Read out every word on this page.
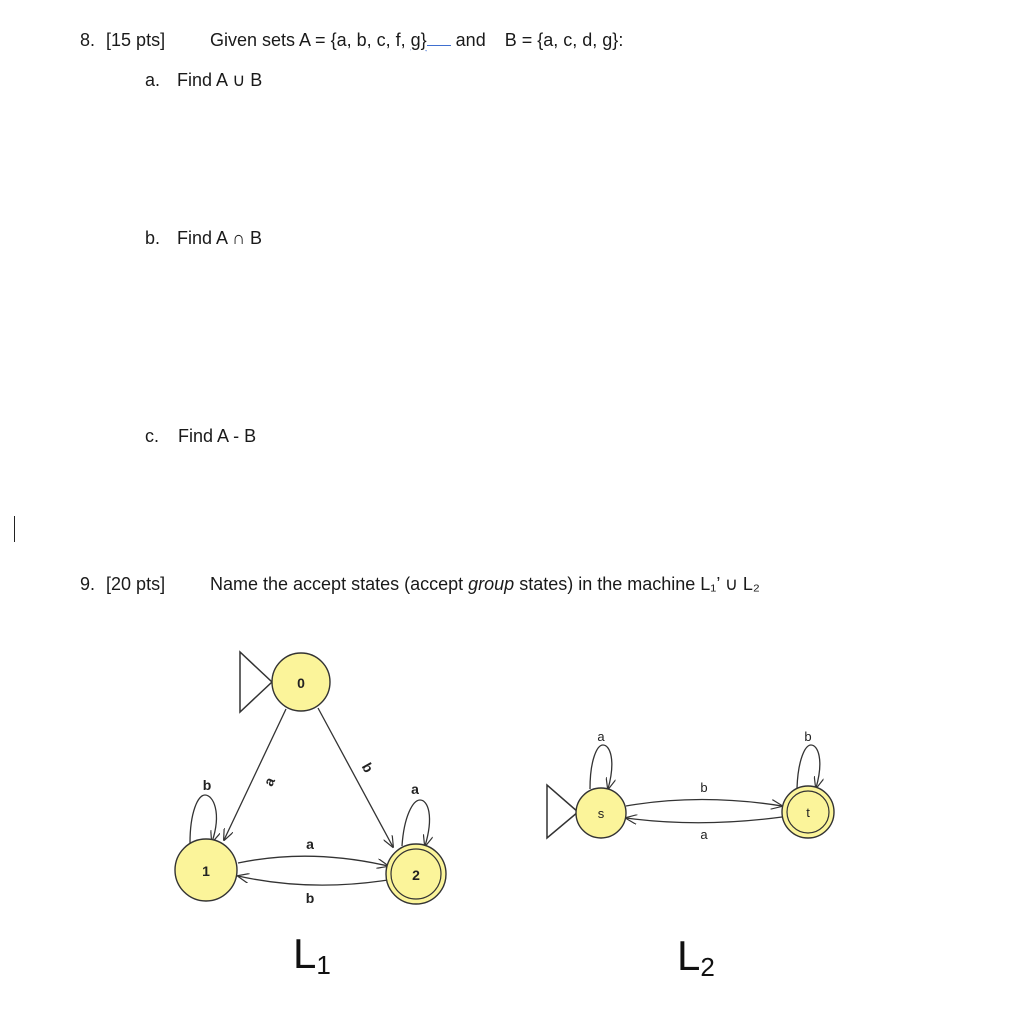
8. [15 pts] Given sets A = {a, b, c, f, g} and B = {a, c, d, g}:
a. Find A ∪ B
b. Find A ∩ B
c. Find A - B
9. [20 pts] Name the accept states (accept group states) in the machine L₁’ ∪ L₂
0
1	2
b	a
a
b
a
b
L1
s	t
a	b
b
a
L2
